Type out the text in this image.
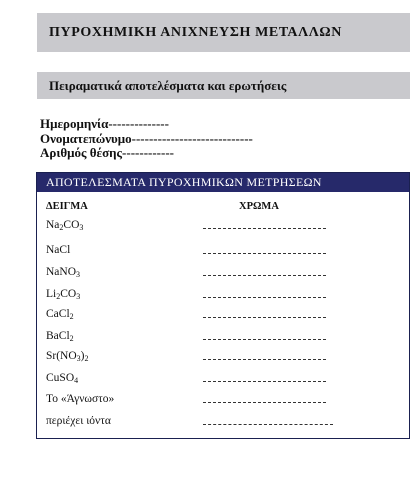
ΠΥΡΟΧΗΜΙΚΗ ΑΝΙΧΝΕΥΣΗ ΜΕΤΑΛΛΩΝ
Πειραματικά αποτελέσματα και ερωτήσεις
Ημερομηνία--------------
Ονοματεπώνυμο----------------------------
Αριθμός θέσης------------
ΑΠΟΤΕΛΕΣΜΑΤΑ ΠΥΡΟΧΗΜΙΚΩΝ ΜΕΤΡΗΣΕΩΝ
ΔΕΙΓΜΑ	ΧΡΩΜΑ
$Na_2CO_3$
NaCl
NaNO$_3$
$Li_2CO_3$
CaCl$_2$
BaCl$_2$
$Sr(NO_3)_2$
CuSO$_4$
Το «Άγνωστο»
περιέχει ιόντα
